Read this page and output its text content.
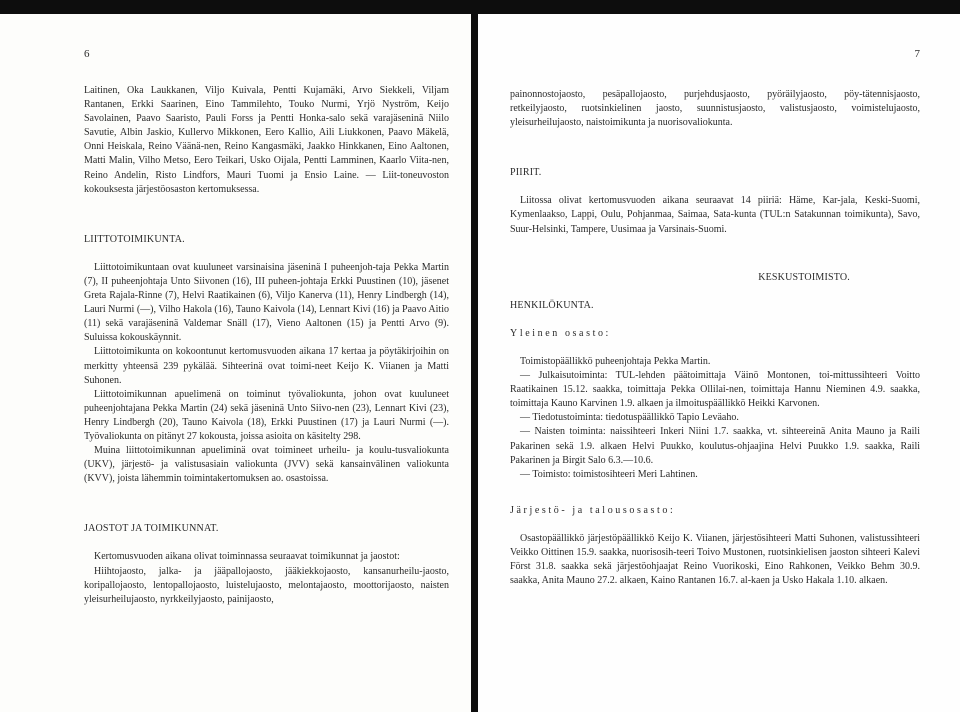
6

Laitinen, Oka Laukkanen, Viljo Kuivala, Pentti Kujamäki, Arvo Siekkeli, Viljam Rantanen, Erkki Saarinen, Eino Tammilehto, Touko Nurmi, Yrjö Nyström, Keijo Savolainen, Paavo Saaristo, Pauli Forss ja Pentti Honka-salo sekä varajäseninä Niilo Savutie, Albin Jaskio, Kullervo Mikkonen, Eero Kallio, Aili Liukkonen, Paavo Mäkelä, Onni Heiskala, Reino Väänä-nen, Reino Kangasmäki, Jaakko Hinkkanen, Eino Aaltonen, Matti Malin, Vilho Metso, Eero Teikari, Usko Oijala, Pentti Lamminen, Kaarlo Viita-nen, Reino Andelin, Risto Lindfors, Mauri Tuomi ja Ensio Laine. — Liit-toneuvoston kokouksesta järjestöosaston kertomuksessa.

LIITTOTOIMIKUNTA.

Liittotoimikuntaan ovat kuuluneet varsinaisina jäseninä I puheenjoh-taja Pekka Martin (7), II puheenjohtaja Unto Siivonen (16), III puheen-johtaja Erkki Puustinen (10), jäsenet Greta Rajala-Rinne (7), Helvi Raatikainen (6), Viljo Kanerva (11), Henry Lindbergh (14), Lauri Nurmi (—), Vilho Hakola (16), Tauno Kaivola (14), Lennart Kivi (16) ja Paavo Aitio (11) sekä varajäseninä Valdemar Snäll (17), Vieno Aaltonen (15) ja Pentti Arvo (9). Suluissa kokouskäynnit.

Liittotoimikunta on kokoontunut kertomusvuoden aikana 17 kertaa ja pöytäkirjoihin on merkitty yhteensä 239 pykälää. Sihteerinä ovat toimi-neet Keijo K. Viianen ja Matti Suhonen.

Liittotoimikunnan apuelimenä on toiminut työvaliokunta, johon ovat kuuluneet puheenjohtajana Pekka Martin (24) sekä jäseninä Unto Siivo-nen (23), Lennart Kivi (23), Henry Lindbergh (20), Tauno Kaivola (18), Erkki Puustinen (17) ja Lauri Nurmi (—). Työvaliokunta on pitänyt 27 kokousta, joissa asioita on käsitelty 298.

Muina liittotoimikunnan apueliminä ovat toimineet urheilu- ja koulu-tusvaliokunta (UKV), järjestö- ja valistusasiain valiokunta (JVV) sekä kansainvälinen valiokunta (KVV), joista lähemmin toimintakertomuksen ao. osastoissa.

JAOSTOT JA TOIMIKUNNAT.

Kertomusvuoden aikana olivat toiminnassa seuraavat toimikunnat ja jaostot:

Hiihtojaosto, jalka- ja jääpallojaosto, jääkiekkojaosto, kansanurheilu-jaosto, koripallojaosto, lentopallojaosto, luistelujaosto, melontajaosto, moottorijaosto, naisten yleisurheilujaosto, nyrkkeilyjaosto, painijaosto,

7

painonnostojaosto, pesäpallojaosto, purjehdusjaosto, pyöräilyjaosto, pöy-tätennisjaosto, retkeilyjaosto, ruotsinkielinen jaosto, suunnistusjaosto, valistusjaosto, voimistelujaosto, yleisurheilujaosto, naistoimikunta ja nuorisovaliokunta.

PIIRIT.

Liitossa olivat kertomusvuoden aikana seuraavat 14 piiriä: Häme, Kar-jala, Keski-Suomi, Kymenlaakso, Lappi, Oulu, Pohjanmaa, Saimaa, Sata-kunta (TUL:n Satakunnan toimikunta), Savo, Suur-Helsinki, Tampere, Uusimaa ja Varsinais-Suomi.

KESKUSTOIMISTO.

HENKILÖKUNTA.

Yleinen osasto:

Toimistopäällikkö puheenjohtaja Pekka Martin.

— Julkaisutoiminta: TUL-lehden päätoimittaja Väinö Montonen, toi-mittussihteeri Voitto Raatikainen 15.12. saakka, toimittaja Pekka Ollilai-nen, toimittaja Hannu Nieminen 4.9. saakka, toimittaja Kauno Karvinen 1.9. alkaen ja ilmoituspäällikkö Heikki Karvonen.

— Tiedotustoiminta: tiedotuspäällikkö Tapio Leväaho.

— Naisten toiminta: naissihteeri Inkeri Niini 1.7. saakka, vt. sihteereinä Anita Mauno ja Raili Pakarinen sekä 1.9. alkaen Helvi Puukko, koulutus-ohjaajina Helvi Puukko 1.9. saakka, Raili Pakarinen ja Birgit Salo 6.3.—10.6.

— Toimisto: toimistosihteeri Meri Lahtinen.

Järjestö- ja talousosasto:

Osastopäällikkö järjestöpäällikkö Keijo K. Viianen, järjestösihteeri Matti Suhonen, valistussihteeri Veikko Oittinen 15.9. saakka, nuorisosih-teeri Toivo Mustonen, ruotsinkielisen jaoston sihteeri Kalevi Först 31.8. saakka sekä järjestöohjaajat Reino Vuorikoski, Eino Rahkonen, Veikko Behm 30.9. saakka, Anita Mauno 27.2. alkaen, Kaino Rantanen 16.7. al-kaen ja Usko Hakala 1.10. alkaen.
